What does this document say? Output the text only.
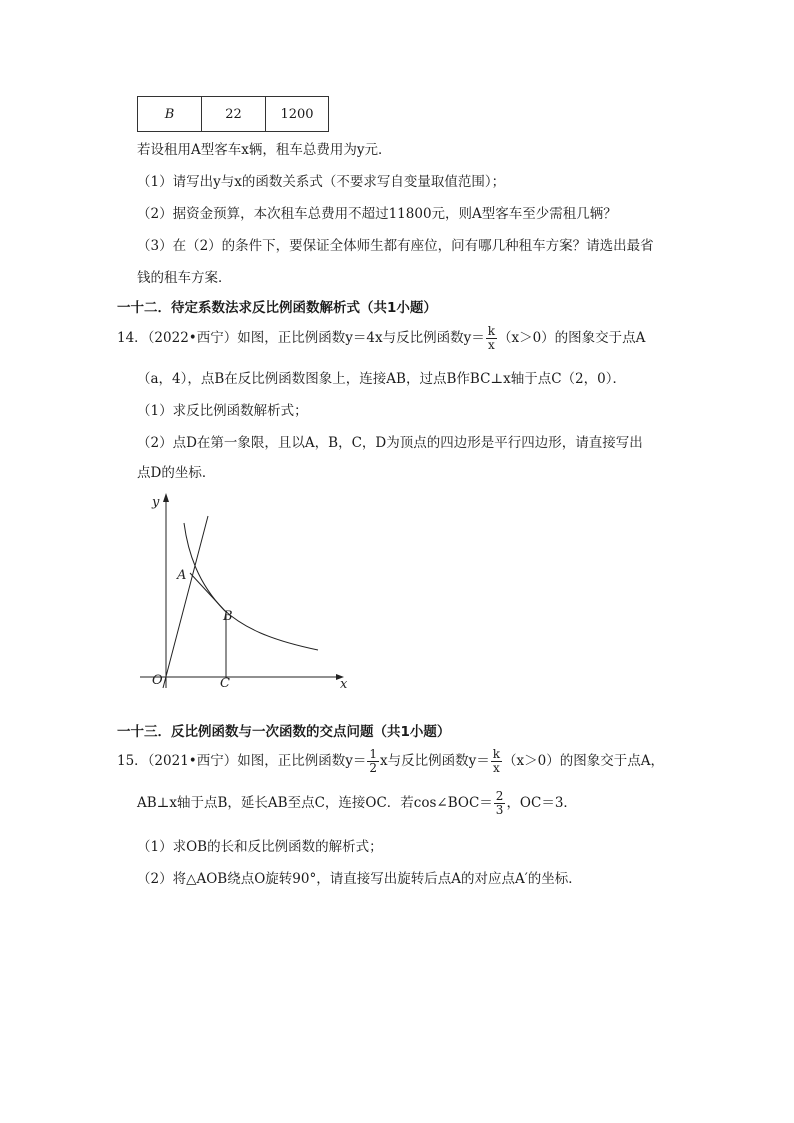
B	22	1200
若设租用A型客车x辆，租车总费用为y元．
（1）请写出y与x的函数关系式（不要求写自变量取值范围）；
（2）据资金预算，本次租车总费用不超过11800元，则A型客车至少需租几辆？
（3）在（2）的条件下，要保证全体师生都有座位，问有哪几种租车方案？请选出最省
钱的租车方案．
一十二．待定系数法求反比例函数解析式（共1小题）
14．（2022•西宁）如图，正比例函数y＝4x与反比例函数$y= \frac{k}{x} (x>0)$的图象交于点A
（a，4），点B在反比例函数图象上，连接AB，过点B作BC⊥x轴于点C（2，0）．
（1）求反比例函数解析式；
（2）点D在第一象限，且以A，B，C，D为顶点的四边形是平行四边形，请直接写出
点D的坐标．
y
x
O
A
B
C
一十三．反比例函数与一次函数的交点问题（共1小题）
15．（2021•西宁）如图，正比例函数$y= \frac{1}{2}$ x与反比例函数$y= \frac{k}{x} (x>0)$的图象交于点A，
AB⊥x轴于点B，延长AB至点C，连接OC．若cos∠BOC＝ $\frac{2}{3}$ ，OC＝3．
（1）求OB的长和反比例函数的解析式；
（2）将△AOB绕点O旋转90°，请直接写出旋转后点A的对应点A′的坐标．
